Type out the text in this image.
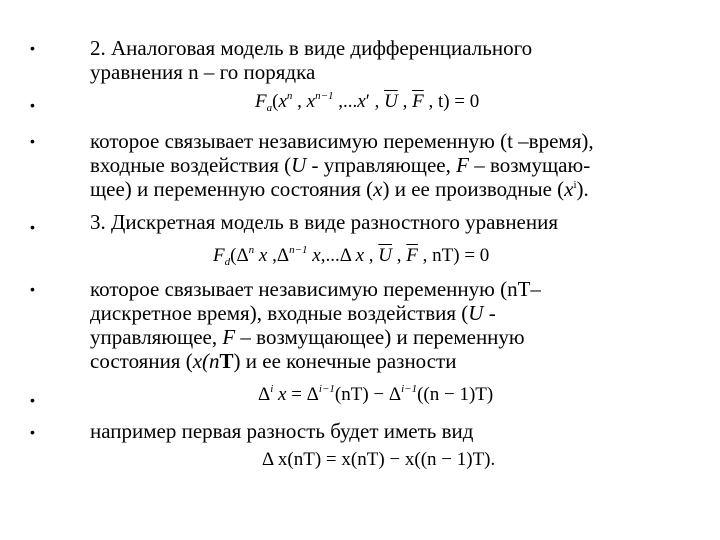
•
•
•
•
•
•
•

2. Аналоговая модель в виде дифференциального
уравнения n – го порядка

$F_a(x^n$ , $x^{n-1}$ ,...x′ , $\overline{U}$ , $\overline{F}$ , t) = 0

которое связывает независимую переменную (t –время),
входные воздействия (U - управляющее, F – возмущаю-
щее) и переменную состояния (x) и ее производные $(x^i)$.

3. Дискретная модель в виде разностного уравнения

$F_d(\Delta^n$ x $,\Delta^{n-1}$ x,...Δ x , $\overline{U}$ , $\overline{F}$ , nT) = 0

которое связывает независимую переменную (nT–
дискретное время), входные воздействия (U -
управляющее, F – возмущающее) и переменную
состояния (x(nT) и ее конечные разности

$\Delta^i$ $x = \Delta^{i-1}(nT) - \Delta^{i-1}((n - 1)T)$

например первая разность будет иметь вид

Δ x(nT) = x(nT) − x((n − 1)T).
